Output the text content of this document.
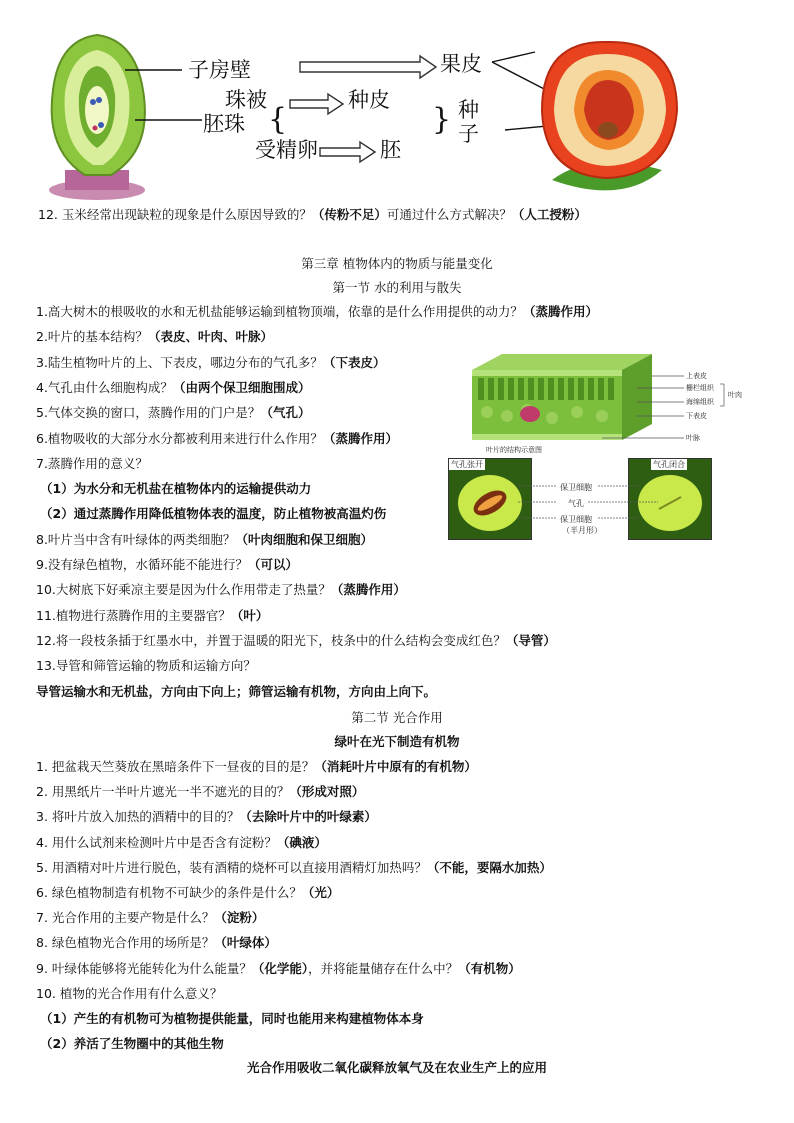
子房壁	果皮
珠被	种皮
胚珠 {	} 种
子
受精卵	胚
12. 玉米经常出现缺粒的现象是什么原因导致的？（传粉不足）可通过什么方式解决？（人工授粉）
第三章 植物体内的物质与能量变化
第一节 水的利用与散失
1.高大树木的根吸收的水和无机盐能够运输到植物顶端，依靠的是什么作用提供的动力？（蒸腾作用）
2.叶片的基本结构？（表皮、叶肉、叶脉）
3.陆生植物叶片的上、下表皮，哪边分布的气孔多？（下表皮）
4.气孔由什么细胞构成？（由两个保卫细胞围成）
5.气体交换的窗口，蒸腾作用的门户是？（气孔）
6.植物吸收的大部分水分都被利用来进行什么作用？（蒸腾作用）
7.蒸腾作用的意义？
（1）为水分和无机盐在植物体内的运输提供动力
（2）通过蒸腾作用降低植物体表的温度，防止植物被高温灼伤
8.叶片当中含有叶绿体的两类细胞？（叶肉细胞和保卫细胞）
9.没有绿色植物，水循环能不能进行？（可以）
10.大树底下好乘凉主要是因为什么作用带走了热量？（蒸腾作用）
11.植物进行蒸腾作用的主要器官？（叶）
12.将一段枝条插于红墨水中，并置于温暖的阳光下，枝条中的什么结构会变成红色？（导管）
13.导管和筛管运输的物质和运输方向？
导管运输水和无机盐，方向由下向上；筛管运输有机物，方向由上向下。
叶片的结构示意图
上表皮
栅栏组织
海绵组织
叶肉
下表皮
叶脉
气孔张开	气孔闭合
保卫细胞
气孔
保卫细胞
（半月形）
第二节 光合作用
绿叶在光下制造有机物
1. 把盆栽天竺葵放在黑暗条件下一昼夜的目的是？（消耗叶片中原有的有机物）
2. 用黑纸片一半叶片遮光一半不遮光的目的？（形成对照）
3. 将叶片放入加热的酒精中的目的？（去除叶片中的叶绿素）
4. 用什么试剂来检测叶片中是否含有淀粉？（碘液）
5. 用酒精对叶片进行脱色，装有酒精的烧杯可以直接用酒精灯加热吗？（不能，要隔水加热）
6. 绿色植物制造有机物不可缺少的条件是什么？（光）
7. 光合作用的主要产物是什么？（淀粉）
8. 绿色植物光合作用的场所是？（叶绿体）
9. 叶绿体能够将光能转化为什么能量？（化学能），并将能量储存在什么中？（有机物）
10. 植物的光合作用有什么意义？
（1）产生的有机物可为植物提供能量，同时也能用来构建植物体本身
（2）养活了生物圈中的其他生物
光合作用吸收二氧化碳释放氧气及在农业生产上的应用
